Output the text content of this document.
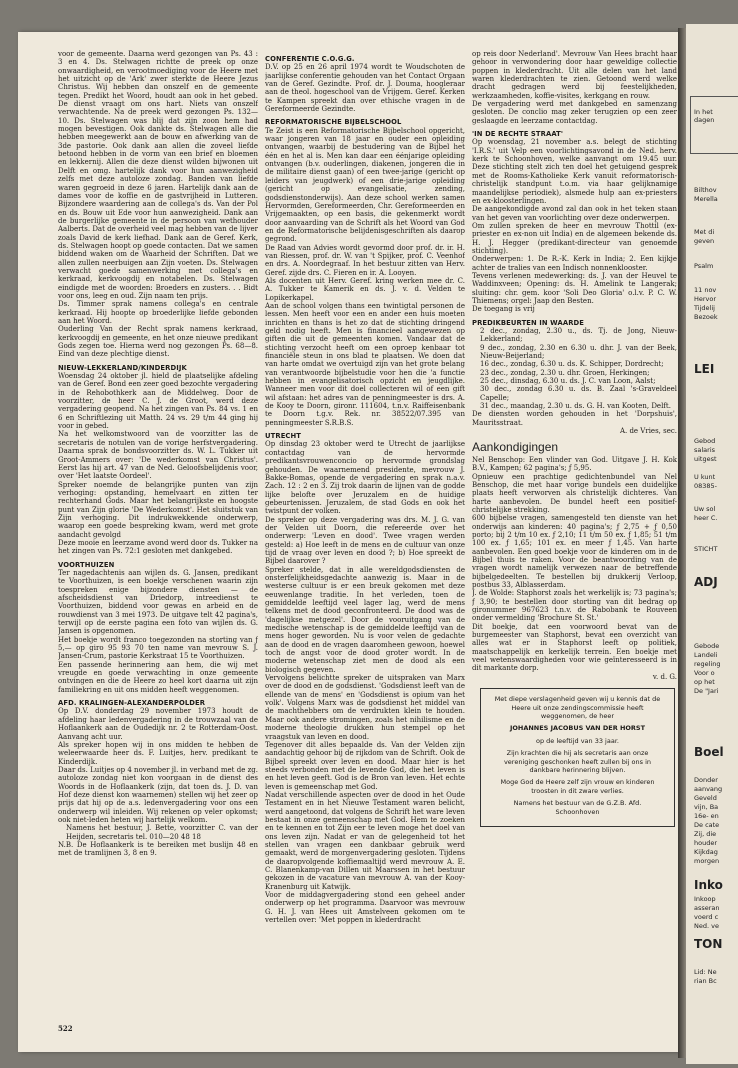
In het
dagen
Bilthov
Merella
Met di
geven
Psalm
11 nov
Hervor
Tijdelij
Bezoek
LEI
Gebod
salaris
uitgest
U kunt
08385-
Uw sol
heer C.
STICHT
ADJ
Gebode
Landeli
regeling
Voor o
op het
De "Jari
Boel
Donder
aanvang
Geveld
vijn, Ba
16e- en
De cate
Zij, die
houder
Kijkdag
morgen
Inko
Inkoop
asseran
voerd c
Ned. ve
TON
Lid: Ne
rian Bc

voor de gemeente. Daarna werd gezongen van Ps. 43 : 3 en 4. Ds. Stelwagen richtte de preek op onze onwaardigheid, en verootmoediging voor de Heere met het uitzicht op de 'Ark' zwer sterkte de Heere Jezus Christus. Wij hebben dan onszelf en de gemeente tegen. Predikt het Woord, houdt aan ook in het gebed. De dienst vraagt om ons hart. Niets van onszelf verwachtende. Na de preek werd gezongen Ps. 132—10. Ds. Stelwagen was blij dat zijn zoon hem had mogen bevestigen. Ook dankte ds. Stelwagen alle die hebben meegewerkt aan de bouw en afwerking van de 3de pastorie. Ook dank aan allen die zoveel liefde betoond hebben in de vorm van een brief en bloemen en lekkernij. Allen die deze dienst wilden bijwonen uit Delft en omg. hartelijk dank voor hun aanwezigheid zelfs met deze autoloze zondag. Banden van liefde waren gegroeid in deze 6 jaren. Hartelijk dank aan de dames voor de koffie en de gastvrijheid in Lutteren. Bijzondere waardering aan de collega's ds. Van der Pol en ds. Bouw uit Ede voor hun aanwezigheid. Dank aan de burgerlijke gemeente in de persoon van wethouder Aalberts. Dat de overheid veel mag hebben van de lijver zoals David de kerk liefhad. Dank aan de Geref. Kerk, ds. Stelwagen hoopt op goede contacten. Dat we samen biddend waken om de Waarheid der Schriften. Dat we allen zullen neerbuigen aan Zijn voeten. Ds. Stelwagen verwacht goede samenwerking met collega's en kerkraad, kerkvoogdij en notabelen. Ds. Stelwagen eindigde met de woorden: Broeders en zusters. . . Bidt voor ons, leeg en oud. Zijn naam ten prijs.

Ds. Timmer sprak namens collega's en centrale kerkraad. Hij hoopte op broederlijke liefde gebonden aan het Woord.

Ouderling Van der Recht sprak namens kerkraad, kerkvoogdij en gemeente, en het onze nieuwe predikant Gods zegen toe. Hierna werd nog gezongen Ps. 68—8. Eind van deze plechtige dienst.

NIEUW-LEKKERLAND/KINDERDIJK

Woensdag 24 oktober jl. hield de plaatselijke afdeling van de Geref. Bond een zeer goed bezochte vergadering in de Rehobothkerk aan de Middelweg. Door de voorzitter, de heer C. J. de Groot, werd deze vergadering geopend. Na het zingen van Ps. 84 vs. 1 en 6 en Schriftlezing uit Matth. 24 vs. 29 t/m 44 ging hij voor in gebed.

Na het welkomstwoord van de voorzitter las de secretaris de notulen van de vorige herfstvergadering. Daarna sprak de bondsvoorzitter ds. W. L. Tukker uit Groot-Ammers over: 'De wederkomst van Christus'. Eerst las hij art. 47 van de Ned. Geloofsbelijdenis voor, over 'Het laatste Oordeel'.

Spreker noemde de belangrijke punten van zijn verhoging: opstanding, hemelvaart en zitten ter rechterhand Gods. Maar het belangrijkste en hoogste punt van Zijn glorie 'De Wederkomst'. Het sluitstuk van Zijn verhoging. Dit indrukwekkende onderwerp, waarop een goede bespreking kwam, werd met grote aandacht gevolgd

Deze mooie en leerzame avond werd door ds. Tukker na het zingen van Ps. 72:1 gesloten met dankgebed.

VOORTHUIZEN

Ter nagedachtenis aan wijlen ds. G. Jansen, predikant te Voorthuizen, is een boekje verschenen waarin zijn toespreken enige bijzondere diensten — de afscheidsdienst van Driedorp, intreedienst te Voorthuizen, biddend voor gewas en arbeid en de rouwdienst van 3 mei 1973. De uitgave telt 42 pagina's, terwijl op de eerste pagina een foto van wijlen ds. G. Jansen is opgenomen.

Het boekje wordt franco toegezonden na storting van ƒ 5,— op giro 95 93 70 ten name van mevrouw S. J. Jansen-Crum, pastorie Kerkstraat 15 te Voorthuizen.

Een passende herinnering aan hem, die wij met vreugde en goede verwachting in onze gemeente ontvingen en die de Heere zo heel kort daarna uit zijn familiekring en uit ons midden heeft weggenomen.

AFD. KRALINGEN-ALEXANDERPOLDER

Op D.V. donderdag 29 november 1973 houdt de afdeling haar ledenvergadering in de trouwzaal van de Hoflaankerk aan de Oudedijk nr. 2 te Rotterdam-Oost. Aanvang acht uur.

Als spreker hopen wij in ons midden te hebben de weleerwaarde heer ds. F. Luitjes, herv. predikant te Kinderdijk.

Daar ds. Luitjes op 4 november jl. in verband met de zg. autoloze zondag niet kon voorgaan in de dienst des Woords in de Hoflaankerk (zijn, dat toen ds. J. D. van Hof deze dienst kon waarnemen) stellen wij het zeer op prijs dat hij op de a.s. ledenvergadering voor ons een onderwerp wil inleiden. Wij rekenen op veler opkomst; ook niet-leden heten wij hartelijk welkom.

Namens het bestuur, J. Bette, voorzitter C. van der Heijden, secretaris tel. 010—20 48 18

N.B. De Hoflaankerk is te bereiken met buslijn 48 en met de tramlijnen 3, 8 en 9.

CONFERENTIE C.O.G.G.

D.V. op 25 en 26 april 1974 wordt te Woudschoten de jaarlijkse conferentie gehouden van het Contact Orgaan van de Geref. Gezindte. Prof. dr. J. Douma, hoogleraar aan de theol. hogeschool van de Vrijgem. Geref. Kerken te Kampen spreekt dan over ethische vragen in de Gereformeerde Gezindte.

REFORMATORISCHE BIJBELSCHOOL

Te Zeist is een Reformatorische Bijbelschool opgericht, waar jongeren van 18 jaar en ouder een opleiding ontvangen, waarbij de bestudering van de Bijbel het één en het al is. Men kan daar een éénjarige opleiding ontvangen (b.v. ouderlingen, diakenen, jongeren die in de militaire dienst gaan) of een twee-jarige (gericht op leiders van jeugdwerk) of een drie-jarige opleiding (gericht op evangelisatie, zending, godsdienstonderwijs). Aan deze school werken samen Hervormden, Gereformeerden, Chr. Gereformeerden en Vrijgemaakten, op een basis, die gekenmerkt wordt door aanvaarding van de Schrift als het Woord van God en de Reformatorische belijdenisgeschriften als daarop gegrond.

De Raad van Advies wordt gevormd door prof. dr. ir. H. van Riessen, prof. dr. W. van 't Spijker, prof. C. Veenhof en drs. A. Noordegraaf. In het bestuur zitten van Herv. Geref. zijde drs. C. Fieren en ir. A. Looyen.

Als docenten uit Herv. Geref. kring werken mee dr. C. A. Tukker te Kamerik en ds. J. v. d. Velden te Lopikerkapel.

Aan de school volgen thans een twintigtal personen de lessen. Men heeft voor een en ander een huis moeten inrichten en thans is het zo dat de stichting dringend geld nodig heeft. Men is financieel aangewezen op giften die uit de gemeenten komen. Vandaar dat de stichting verzocht heeft om een oproep kenbaar tot financiële steun in ons blad te plaatsen. We doen dat van harte omdat we overtuigd zijn van het grote belang van verantwoorde bijbelstudie voor hen die 'a functie hebben in evangelisatorisch opzicht en jeugdlijke. Wanneer men voor dit doel collecteren wil of een gift wil afstaan: het adres van de penningmeester is drs. A. de Kooy te Doorn, gironr. 111604, t.n.v. Raiffeisenbank te Doorn t.g.v. Rek. nr. 38522/07.395 van penningmeester S.R.B.S.

UTRECHT

Op dinsdag 23 oktober werd te Utrecht de jaarlijkse contactdag van de hervormde predikantsvrouwenconcio op hervormde grondslag gehouden. De waarnemend presidente, mevrouw J. Bakke-Bomas, opende de vergadering en sprak n.a.v. Zach. 12 : 2 en 3. Zij trok daarin de lijnen van de godde lijke belofte over Jeruzalem en de huidige gebeurtenissen. Jeruzalem, de stad Gods en ook het twistpunt der volken.

De spreker op deze vergadering was drs. M. J. G. van der Velden uit Doorn, die refereerde over het onderwerp: 'Leven en dood'. Twee vragen werden gesteld: a) Hoe leeft in de mens en de cultuur van onze tijd de vraag over leven en dood ?; b) Hoe spreekt de Bijbel daarover ?

Spreker stelde, dat in alle wereldgodsdiensten de onsterfelijkheidsgedachte aanwezig is. Maar in de westerse cultuur is er een breuk gekomen met deze eeuwenlange traditie. In het verleden, toen de gemiddelde leeftijd veel lager lag, werd de mens telkens met de dood geconfronteerd. De dood was de 'dagelijkse metgezel'. Door de vooruitgang van de medische wetenschap is de gemiddelde leeftijd van de mens hoger geworden. Nu is voor velen de gedachte aan de dood en de vragen daaromheen gewoon, hoewel toch de angst voor de dood groter wordt. In de moderne wetenschap ziet men de dood als een biologisch gegeven.

Vervolgens belichtte spreker de uitspraken van Marx over de dood en de godsdienst. 'Godsdienst leeft van de ellende van de mens' en 'Godsdienst is opium van het volk'. Volgens Marx was de godsdienst het middel van de machthebbers om de verdrukten klein te houden. Maar ook andere stromingen, zoals het nihilisme en de moderne theologie drukken hun stempel op het vraagstuk van leven en dood.

Tegenover dit alles bepaalde ds. Van der Velden zijn aandachtig gehoor bij de rijkdom van de Schrift. Ook de Bijbel spreekt over leven en dood. Maar hier is het steeds verbonden met de levende God, die het leven is en het leven geeft. God is de Bron van leven. Het echte leven is gemeenschap met God.

Nadat verschillende aspecten over de dood in het Oude Testament en in het Nieuwe Testament waren belicht, werd aangetoond, dat volgens de Schrift het ware leven bestaat in onze gemeenschap met God. Hem te zoeken en te kennen en tot Zijn eer te leven moge het doel van ons leven zijn. Nadat er van de gelegenheid tot het stellen van vragen een dankbaar gebruik werd gemaakt, werd de morgenvergadering gesloten. Tijdens de daaropvolgende koffiemaaltijd werd mevrouw A. E. C. Blanenkamp-van Dillen uit Maarssen in het bestuur gekozen in de vacature van mevrouw A. van der Kooy-Kranenburg uit Katwijk.

Voor de middagvergadering stond een geheel ander onderwerp op het programma. Daarvoor was mevrouw G. H. J. van Hees uit Amstelveen gekomen om te vertellen over: 'Met poppen in klederdracht

op reis door Nederland'. Mevrouw Van Hees bracht haar gehoor in verwondering door haar geweldige collectie poppen in klederdracht. Uit alle delen van het land waren klederdrachten te zien. Getoond werd welke dracht gedragen werd bij feestelijkheden, werkzaamheden, koffie-visites, kerkgang en rouw.

De vergadering werd met dankgebed en samenzang gesloten. De conclio mag zeker terugzien op een zeer geslaagde en leerzame contactdag.

'IN DE RECHTE STRAAT'

Op woensdag, 21 november a.s. belegt de stichting 'I.R.S.' uit Velp een voorlichtingsavond in de Ned. herv. kerk te Schoonhoven, welke aanvangt om 19.45 uur. Deze stichting stelt zich ten doel het getuigend gesprek met de Rooms-Katholieke Kerk vanuit reformatorisch-christelijk standpunt t.o.m. via haar gelijknamige maandelijkse periodiek), alsmede hulp aan ex-priesters en ex-kloosterlingen.

De aangekondigde avond zal dan ook in het teken staan van het geven van voorlichting over deze onderwerpen.

Om zullen spreken de heer en mevrouw Thottil (ex-priester en ex-non uit India) en de algemeen bekende ds. H. J. Hegger (predikant-directeur van genoemde stichting).

Onderwerpen: 1. De R.-K. Kerk in India; 2. Een kijkje achter de tralies van een Indisch nonnenklooster.

Tevens verlenen medewerking: ds. J. van der Heuvel te Waddinxveen; Opening: ds. H. Amelink te Langerak; sluiting: chr. gem. koor 'Soli Deo Gloria' o.l.v. P. C. W. Thiemens; orgel: Jaap den Besten.

De toegang is vrij

PREDIKBEURTEN IN WAARDE

2 dec., zondag, 2.30 u., ds. Tj. de Jong, Nieuw-Lekkerland;

9 dec., zondag, 2.30 en 6.30 u. dhr. J. van der Beek, Nieuw-Beijerland;

16 dec., zondag, 6.30 u. ds. K. Schipper, Dordrecht;

23 dec., zondag, 2.30 u. dhr. Groen, Herkingen;

25 dec., dinsdag, 6.30 u. ds. J. C. van Loon, Aalst;

30 dec., zondag 6.30 u. ds. B. Zaal 's-Graveldeel Capelle;

31 dec., maandag, 2.30 u. ds. G. H. van Kooten, Delft.

De diensten worden gehouden in het 'Dorpshuis', Mauritsstraat.

A. de Vries, sec.

Aankondigingen

Nel Benschop: Een vlinder van God. Uitgave J. H. Kok B.V., Kampen; 62 pagina's; ƒ 5,95.

Opnieuw een prachtige gedichtenbundel van Nel Benschop, die met haar vorige bundels een duidelijke plaats heeft verworven als christelijk dichteres. Van harte aanbevolen. De bundel heeft een positief-christelijke strekking.

600 bijbelse vragen, samengesteld ten dienste van het onderwijs aan kinderen: 40 pagina's; ƒ 2,75 + ƒ 0,50 porto; bij 2 t/m 10 ex. ƒ 2,10; 11 t/m 50 ex. ƒ 1,85; 51 t/m 100 ex. ƒ 1,65; 101 ex. en meer ƒ 1,45. Van harte aanbevolen. Een goed boekje voor de kinderen om in de Bijbel thuis te raken. Voor de beantwoording van de vragen wordt namelijk verwezen naar de betreffende bijbelgedeelten. Te bestellen bij drukkerij Verloop, postbus 33, Alblasserdam.

J. de Wolde: Staphorst zoals het werkelijk is; 73 pagina's; ƒ 3,90; te bestellen door storting van dit bedrag op gironummer 967623 t.n.v. de Rabobank te Rouveen onder vermelding 'Brochure St. St.'

Dit boekje, dat een voorwoord bevat van de burgemeester van Staphorst, bevat een overzicht van alles wat er in Staphorst leeft op politiek, maatschappelijk en kerkelijk terrein. Een boekje met veel wetenswaardigheden voor wie geïnteresseerd is in dit markante dorp.

v. d. G.

Met diepe verslagenheid geven wij u kennis dat de Heere uit onze zendingscommissie heeft weggenomen, de heer

JOHANNES JACOBUS VAN DER HORST

op de leeftijd van 33 jaar.

Zijn krachten die hij als secretaris aan onze vereniging geschonken heeft zullen bij ons in dankbare herinnering blijven.

Moge God de Heere zelf zijn vrouw en kinderen troosten in dit zware verlies.

Namens het bestuur van de G.Z.B. Afd. Schoonhoven

522
